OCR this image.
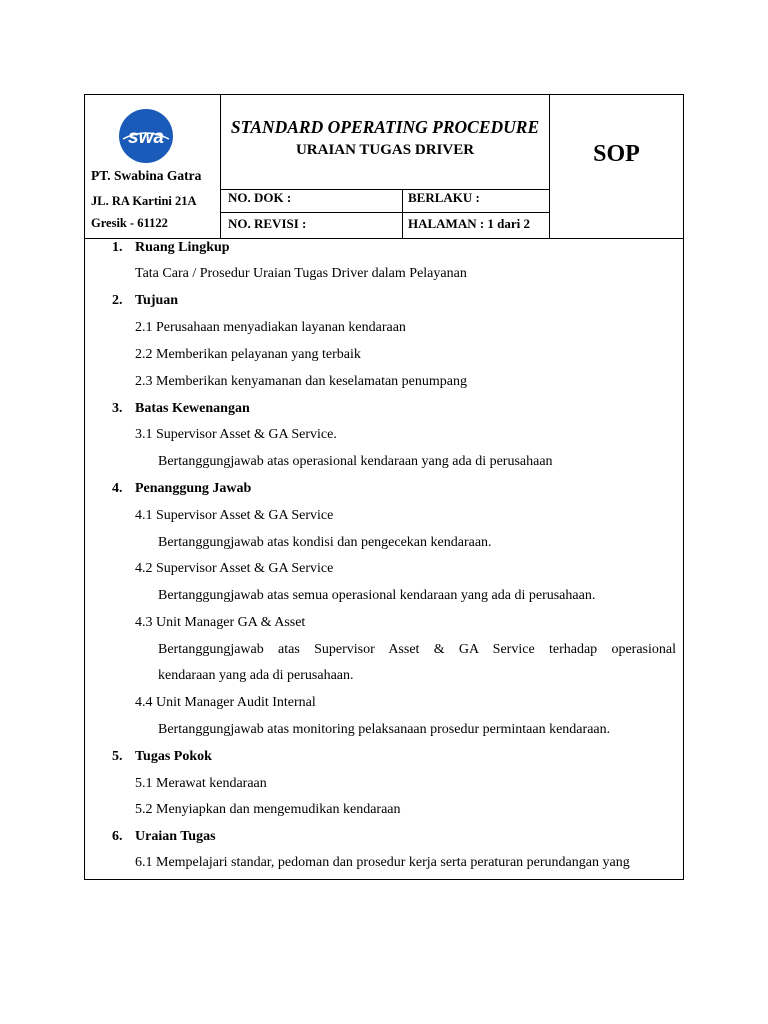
swa
PT. Swabina Gatra
JL. RA Kartini 21A
Gresik - 61122
STANDARD OPERATING PROCEDURE
URAIAN TUGAS DRIVER	SOP
NO. DOK :	BERLAKU :
NO. REVISI :	HALAMAN : 1 dari 2
1. Ruang Lingkup
Tata Cara / Prosedur Uraian Tugas Driver dalam Pelayanan
2. Tujuan
2.1 Perusahaan menyadiakan layanan kendaraan
2.2 Memberikan pelayanan yang terbaik
2.3 Memberikan kenyamanan dan keselamatan penumpang
3. Batas Kewenangan
3.1 Supervisor Asset & GA Service.
Bertanggungjawab atas operasional kendaraan yang ada di perusahaan
4. Penanggung Jawab
4.1 Supervisor Asset & GA Service
Bertanggungjawab atas kondisi dan pengecekan kendaraan.
4.2 Supervisor Asset & GA Service
Bertanggungjawab atas semua operasional kendaraan yang ada di perusahaan.
4.3 Unit Manager GA & Asset
Bertanggungjawab atas Supervisor Asset & GA Service terhadap operasional
kendaraan yang ada di perusahaan.
4.4 Unit Manager Audit Internal
Bertanggungjawab atas monitoring pelaksanaan prosedur permintaan kendaraan.
5. Tugas Pokok
5.1 Merawat kendaraan
5.2 Menyiapkan dan mengemudikan kendaraan
6. Uraian Tugas
6.1 Mempelajari standar, pedoman dan prosedur kerja serta peraturan perundangan yang
